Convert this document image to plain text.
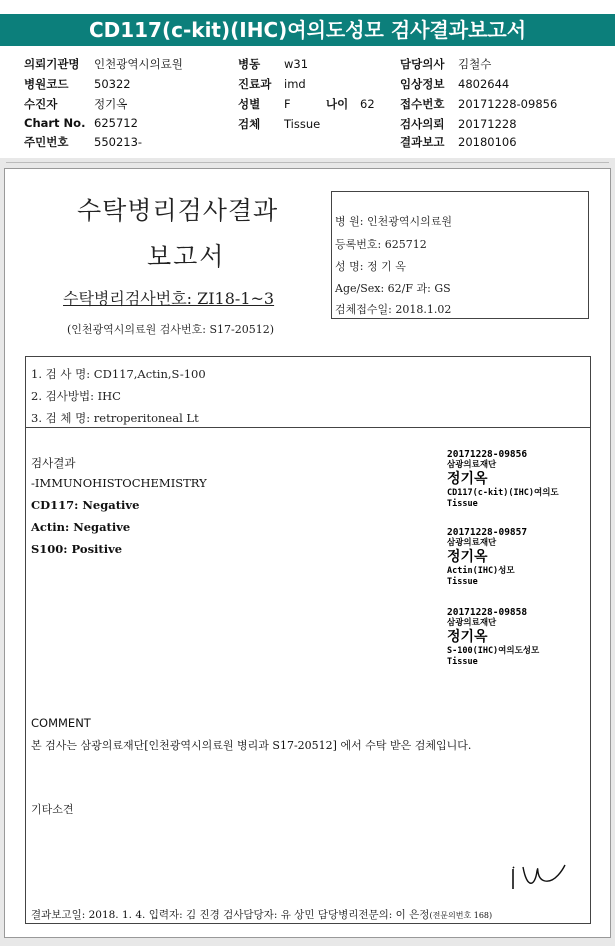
CD117(c-kit)(IHC)여의도성모 검사결과보고서
의뢰기관명 인천광역시의료원
병원코드 50322
수진자	정기옥
Chart No. 625712
주민번호 550213-
병동 w31
진료과 imd
성별 F	나이 62
검체 Tissue
담당의사 김철수
임상정보 4802644
접수번호 20171228-09856
검사의뢰 20171228
결과보고 20180106
수탁병리검사결과
보고서
수탁병리검사번호: ZI18-1~3
(인천광역시의료원 검사번호: S17-20512)
병 원: 인천광역시의료원
등록번호: 625712
성 명: 정 기 옥
Age/Sex: 62/F 과: GS
검체접수일: 2018.1.02
1. 검 사 명: CD117,Actin,S-100
2. 검사방법: IHC
3. 검 체 명: retroperitoneal Lt
검사결과
-IMMUNOHISTOCHEMISTRY
CD117: Negative
Actin: Negative
S100: Positive
20171228-09856
삼광의료재단
정기옥
CD117(c-kit)(IHC)여의도
Tissue
20171228-09857
삼광의료재단
정기옥
Actin(IHC)성모
Tissue
20171228-09858
삼광의료재단
정기옥
S-100(IHC)여의도성모
Tissue
COMMENT
본 검사는 삼광의료재단[인천광역시의료원 병리과 S17-20512] 에서 수탁 받은 검체입니다.
기타소견
결과보고일: 2018. 1. 4. 입력자: 김 진경 검사담당자: 유 상민 담당병리전문의: 이 은정(전문의번호 168)
